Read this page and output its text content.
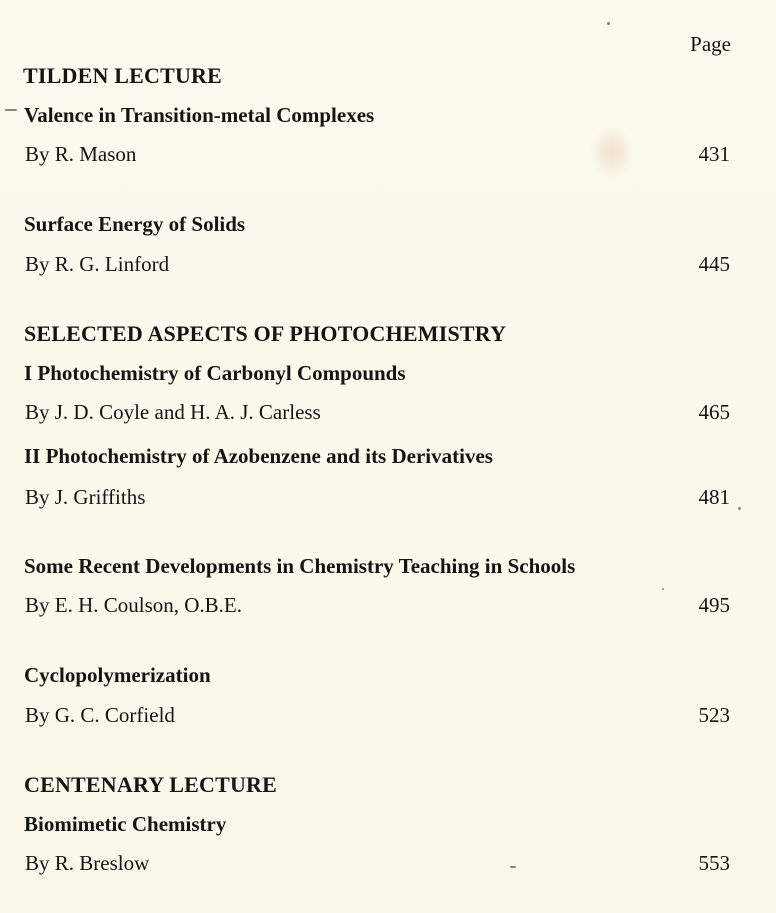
Page
TILDEN LECTURE
Valence in Transition-metal Complexes
By R. Mason	431
Surface Energy of Solids
By R. G. Linford	445
SELECTED ASPECTS OF PHOTOCHEMISTRY
I Photochemistry of Carbonyl Compounds
By J. D. Coyle and H. A. J. Carless	465
II Photochemistry of Azobenzene and its Derivatives
By J. Griffiths	481
Some Recent Developments in Chemistry Teaching in Schools
By E. H. Coulson, O.B.E.	495
Cyclopolymerization
By G. C. Corfield	523
CENTENARY LECTURE
Biomimetic Chemistry
By R. Breslow	553
